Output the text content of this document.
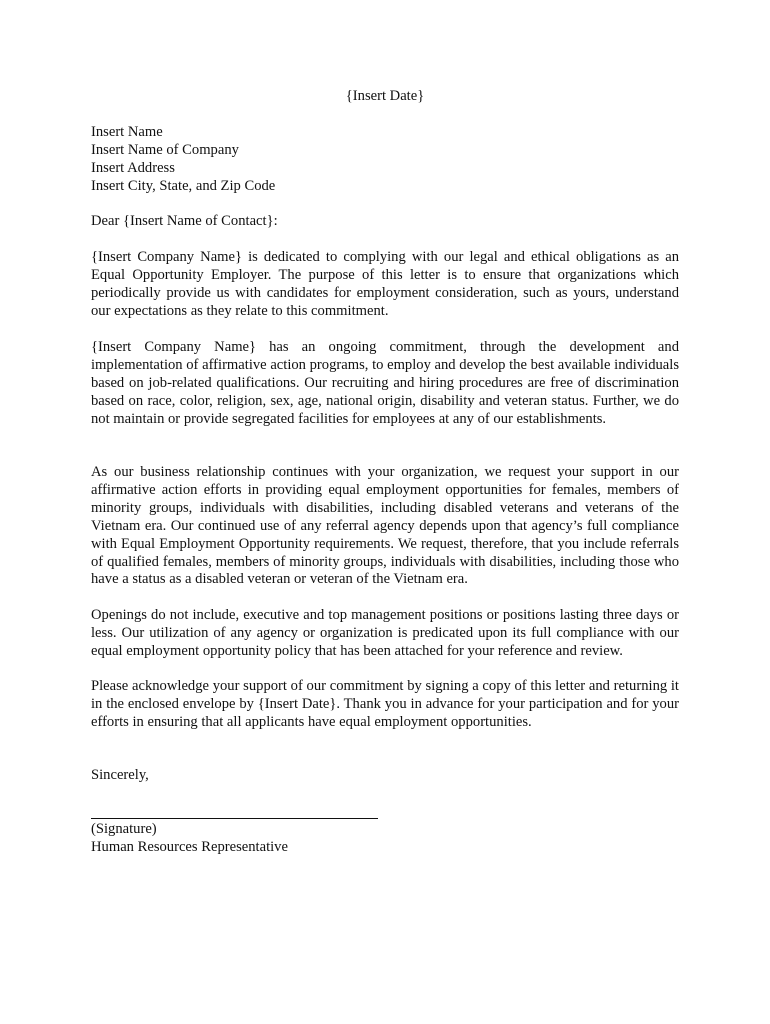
{Insert Date}

Insert Name
Insert Name of Company
Insert Address
Insert City, State, and Zip Code

Dear {Insert Name of Contact}:

{Insert Company Name} is dedicated to complying with our legal and ethical obligations as an Equal Opportunity Employer. The purpose of this letter is to ensure that organizations which periodically provide us with candidates for employment consideration, such as yours, understand our expectations as they relate to this commitment.

{Insert Company Name} has an ongoing commitment, through the development and implementation of affirmative action programs, to employ and develop the best available individuals based on job-related qualifications. Our recruiting and hiring procedures are free of discrimination based on race, color, religion, sex, age, national origin, disability and veteran status. Further, we do not maintain or provide segregated facilities for employees at any of our establishments.

As our business relationship continues with your organization, we request your support in our affirmative action efforts in providing equal employment opportunities for females, members of minority groups, individuals with disabilities, including disabled veterans and veterans of the Vietnam era. Our continued use of any referral agency depends upon that agency’s full compliance with Equal Employment Opportunity requirements. We request, therefore, that you include referrals of qualified females, members of minority groups, individuals with disabilities, including those who have a status as a disabled veteran or veteran of the Vietnam era.

Openings do not include, executive and top management positions or positions lasting three days or less. Our utilization of any agency or organization is predicated upon its full compliance with our equal employment opportunity policy that has been attached for your reference and review.

Please acknowledge your support of our commitment by signing a copy of this letter and returning it in the enclosed envelope by {Insert Date}. Thank you in advance for your participation and for your efforts in ensuring that all applicants have equal employment opportunities.

Sincerely,

(Signature)

Human Resources Representative
